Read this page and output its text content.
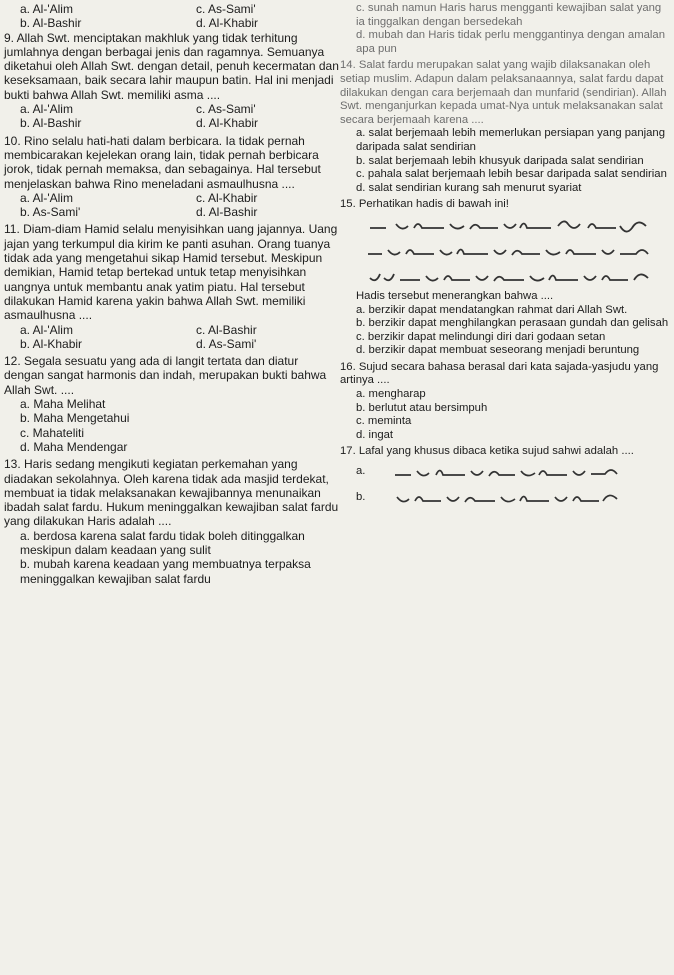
a. Al-'Alim	c. As-Sami'
b. Al-Bashir	d. Al-Khabir

9. Allah Swt. menciptakan makhluk yang tidak terhitung jumlahnya dengan berbagai jenis dan ragamnya. Semuanya diketahui oleh Allah Swt. dengan detail, penuh kecermatan dan keseksamaan, baik secara lahir maupun batin. Hal ini menjadi bukti bahwa Allah Swt. memiliki asma ....

a. Al-'Alim	c. As-Sami'
b. Al-Bashir	d. Al-Khabir

10. Rino selalu hati-hati dalam berbicara. Ia tidak pernah membicarakan kejelekan orang lain, tidak pernah berbicara jorok, tidak pernah memaksa, dan sebagainya. Hal tersebut menjelaskan bahwa Rino meneladani asmaulhusna ....

a. Al-'Alim	c. Al-Khabir
b. As-Sami'	d. Al-Bashir

11. Diam-diam Hamid selalu menyisihkan uang jajannya. Uang jajan yang terkumpul dia kirim ke panti asuhan. Orang tuanya tidak ada yang mengetahui sikap Hamid tersebut. Meskipun demikian, Hamid tetap bertekad untuk tetap menyisihkan uangnya untuk membantu anak yatim piatu. Hal tersebut dilakukan Hamid karena yakin bahwa Allah Swt. memiliki asmaulhusna ....

a. Al-'Alim	c. Al-Bashir
b. Al-Khabir	d. As-Sami'

12. Segala sesuatu yang ada di langit tertata dan diatur dengan sangat harmonis dan indah, merupakan bukti bahwa Allah Swt. ....

a. Maha Melihat
b. Maha Mengetahui
c. Mahateliti
d. Maha Mendengar

13. Haris sedang mengikuti kegiatan perkemahan yang diadakan sekolahnya. Oleh karena tidak ada masjid terdekat, membuat ia tidak melaksanakan kewajibannya menunaikan ibadah salat fardu. Hukum meninggalkan kewajiban salat fardu yang dilakukan Haris adalah ....

a. berdosa karena salat fardu tidak boleh ditinggalkan meskipun dalam keadaan yang sulit
b. mubah karena keadaan yang membuatnya terpaksa meninggalkan kewajiban salat fardu
c. sunah namun Haris harus mengganti kewajiban salat yang ia tinggalkan dengan bersedekah
d. mubah dan Haris tidak perlu menggantinya dengan amalan apa pun

14. Salat fardu merupakan salat yang wajib dilaksanakan oleh setiap muslim. Adapun dalam pelaksanaannya, salat fardu dapat dilakukan dengan cara berjemaah dan munfarid (sendirian). Allah Swt. menganjurkan kepada umat-Nya untuk melaksanakan salat secara berjemaah karena ....

a. salat berjemaah lebih memerlukan persiapan yang panjang daripada salat sendirian
b. salat berjemaah lebih khusyuk daripada salat sendirian
c. pahala salat berjemaah lebih besar daripada salat sendirian
d. salat sendirian kurang sah menurut syariat

15. Perhatikan hadis di bawah ini!

Hadis tersebut menerangkan bahwa ....

a. berzikir dapat mendatangkan rahmat dari Allah Swt.
b. berzikir dapat menghilangkan perasaan gundah dan gelisah
c. berzikir dapat melindungi diri dari godaan setan
d. berzikir dapat membuat seseorang menjadi beruntung

16. Sujud secara bahasa berasal dari kata sajada-yasjudu yang artinya ....

a. mengharap
b. berlutut atau bersimpuh
c. meminta
d. ingat

17. Lafal yang khusus dibaca ketika sujud sahwi adalah ....

a.
b.
